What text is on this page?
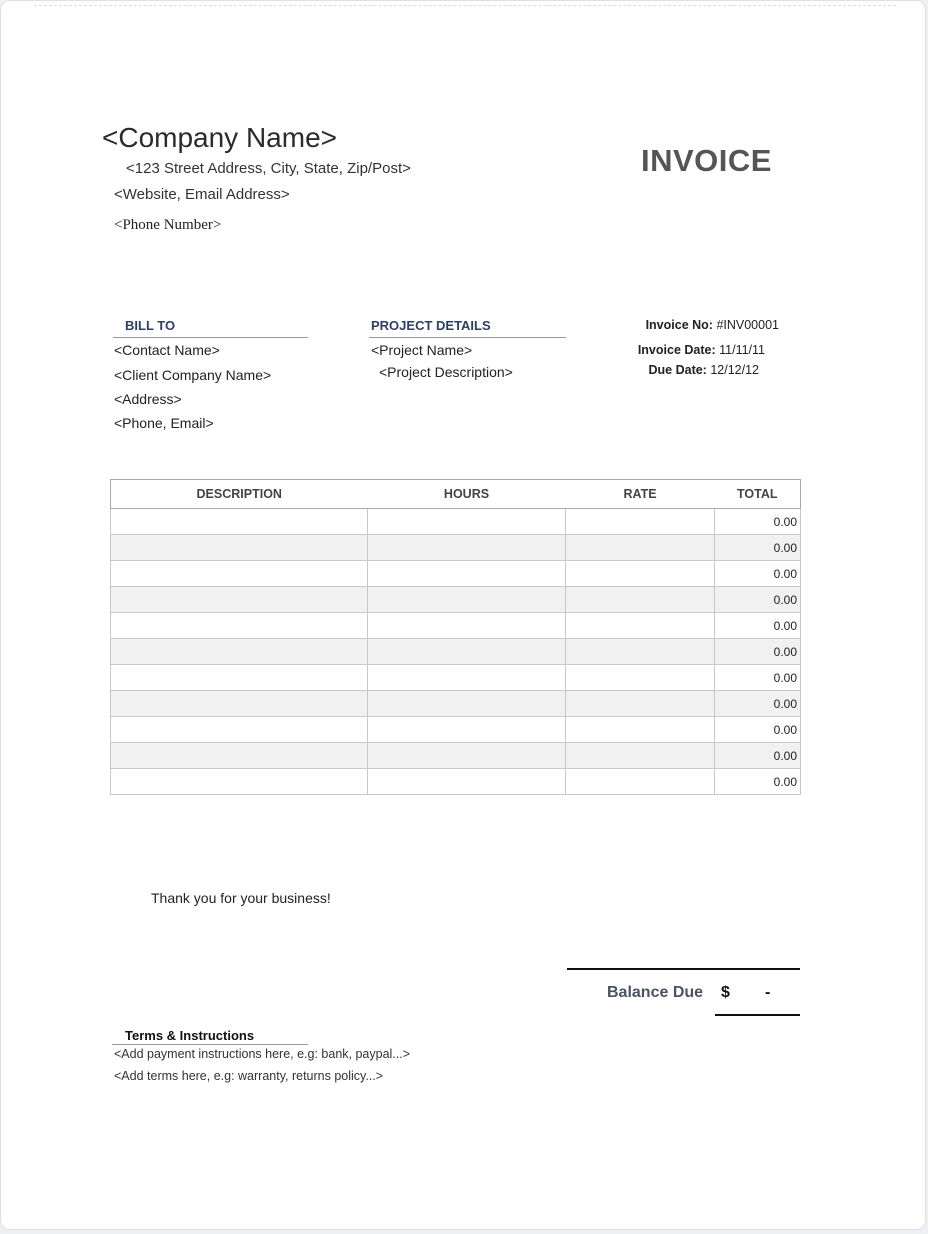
<Company Name>
<123 Street Address, City, State, Zip/Post>
<Website, Email Address>
<Phone Number>
INVOICE
BILL TO
<Contact Name>
<Client Company Name>
<Address>
<Phone, Email>
PROJECT DETAILS
<Project Name>
<Project Description>
Invoice No: #INV00001
Invoice Date: 11/11/11
Due Date: 12/12/12
DESCRIPTION	HOURS	RATE	TOTAL
			0.00
			0.00
			0.00
			0.00
			0.00
			0.00
			0.00
			0.00
			0.00
			0.00
			0.00
Thank you for your business!
Balance Due $ -
Terms & Instructions
<Add payment instructions here, e.g: bank, paypal...>
<Add terms here, e.g: warranty, returns policy...>
